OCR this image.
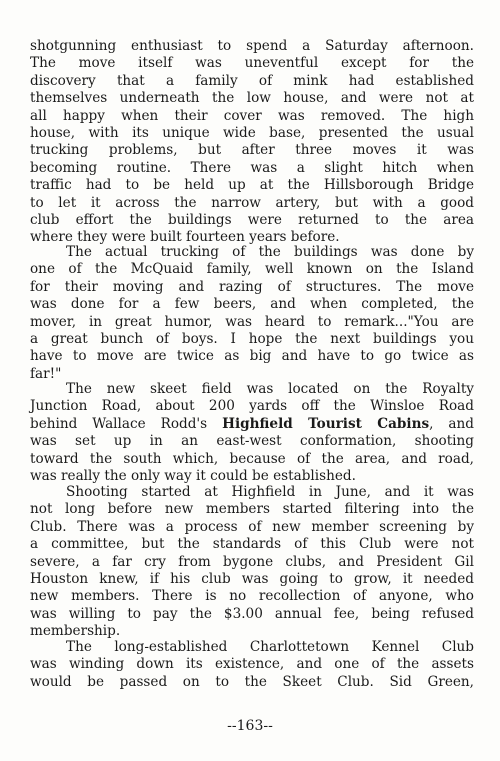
shotgunning enthusiast to spend a Saturday afternoon.
The move itself was uneventful except for the
discovery that a family of mink had established
themselves underneath the low house, and were not at
all happy when their cover was removed. The high
house, with its unique wide base, presented the usual
trucking problems, but after three moves it was
becoming routine. There was a slight hitch when
traffic had to be held up at the Hillsborough Bridge
to let it across the narrow artery, but with a good
club effort the buildings were returned to the area
where they were built fourteen years before.
The actual trucking of the buildings was done by
one of the McQuaid family, well known on the Island
for their moving and razing of structures. The move
was done for a few beers, and when completed, the
mover, in great humor, was heard to remark..."You are
a great bunch of boys. I hope the next buildings you
have to move are twice as big and have to go twice as
far!"
The new skeet field was located on the Royalty
Junction Road, about 200 yards off the Winsloe Road
behind Wallace Rodd's Highfield Tourist Cabins, and
was set up in an east-west conformation, shooting
toward the south which, because of the area, and road,
was really the only way it could be established.
Shooting started at Highfield in June, and it was
not long before new members started filtering into the
Club. There was a process of new member screening by
a committee, but the standards of this Club were not
severe, a far cry from bygone clubs, and President Gil
Houston knew, if his club was going to grow, it needed
new members. There is no recollection of anyone, who
was willing to pay the $3.00 annual fee, being refused
membership.
The long-established Charlottetown Kennel Club
was winding down its existence, and one of the assets
would be passed on to the Skeet Club. Sid Green,
--163--
